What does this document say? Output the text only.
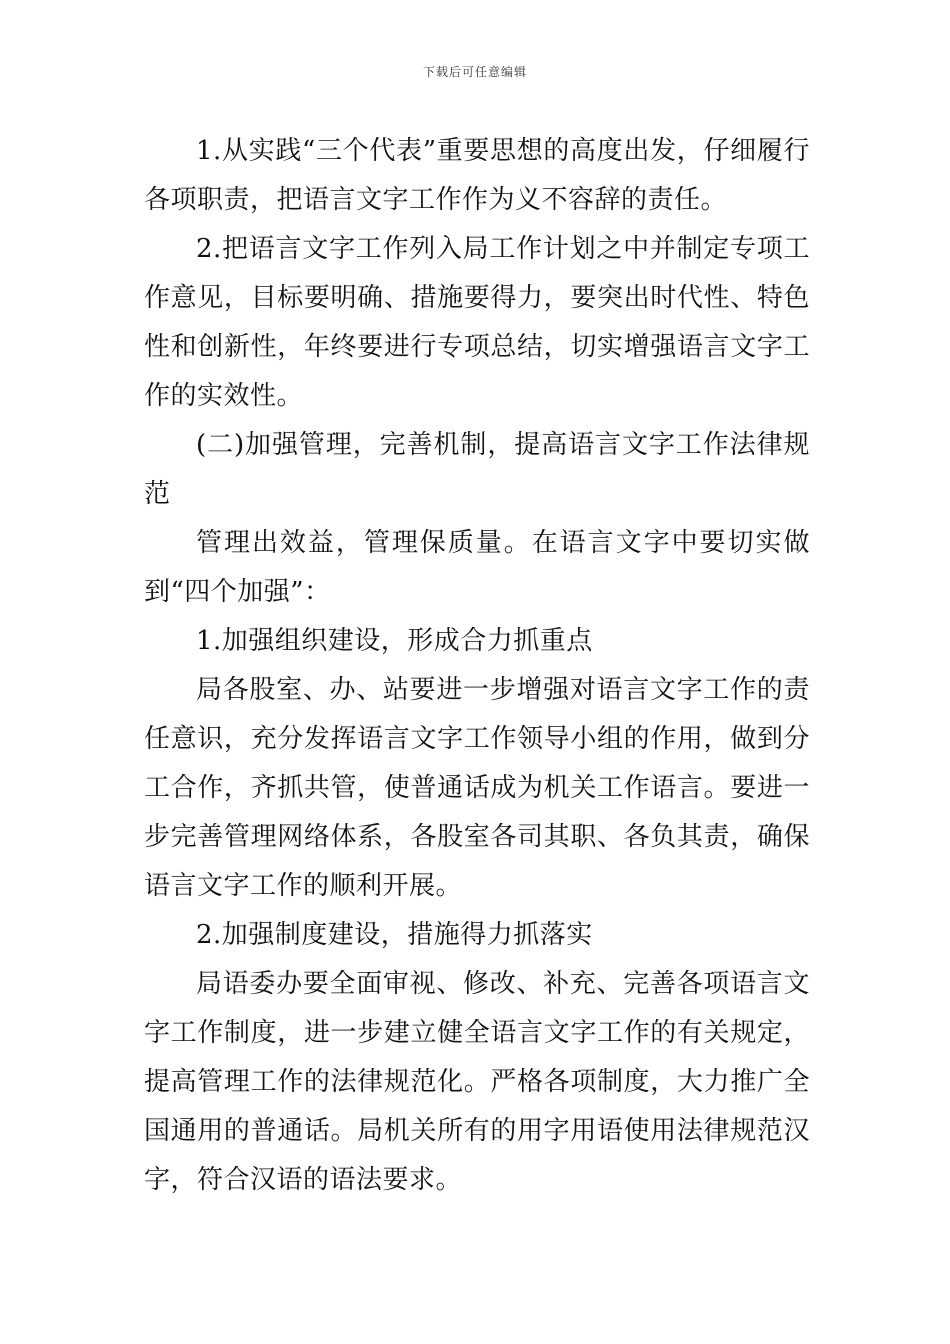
下载后可任意编辑

1.从实践“三个代表”重要思想的高度出发，仔细履行各项职责，把语言文字工作作为义不容辞的责任。

2.把语言文字工作列入局工作计划之中并制定专项工作意见，目标要明确、措施要得力，要突出时代性、特色性和创新性，年终要进行专项总结，切实增强语言文字工作的实效性。

(二)加强管理，完善机制，提高语言文字工作法律规范

管理出效益，管理保质量。在语言文字中要切实做到“四个加强”：

1.加强组织建设，形成合力抓重点

局各股室、办、站要进一步增强对语言文字工作的责任意识，充分发挥语言文字工作领导小组的作用，做到分工合作，齐抓共管，使普通话成为机关工作语言。要进一步完善管理网络体系，各股室各司其职、各负其责，确保语言文字工作的顺利开展。

2.加强制度建设，措施得力抓落实

局语委办要全面审视、修改、补充、完善各项语言文字工作制度，进一步建立健全语言文字工作的有关规定，提高管理工作的法律规范化。严格各项制度，大力推广全国通用的普通话。局机关所有的用字用语使用法律规范汉字，符合汉语的语法要求。
